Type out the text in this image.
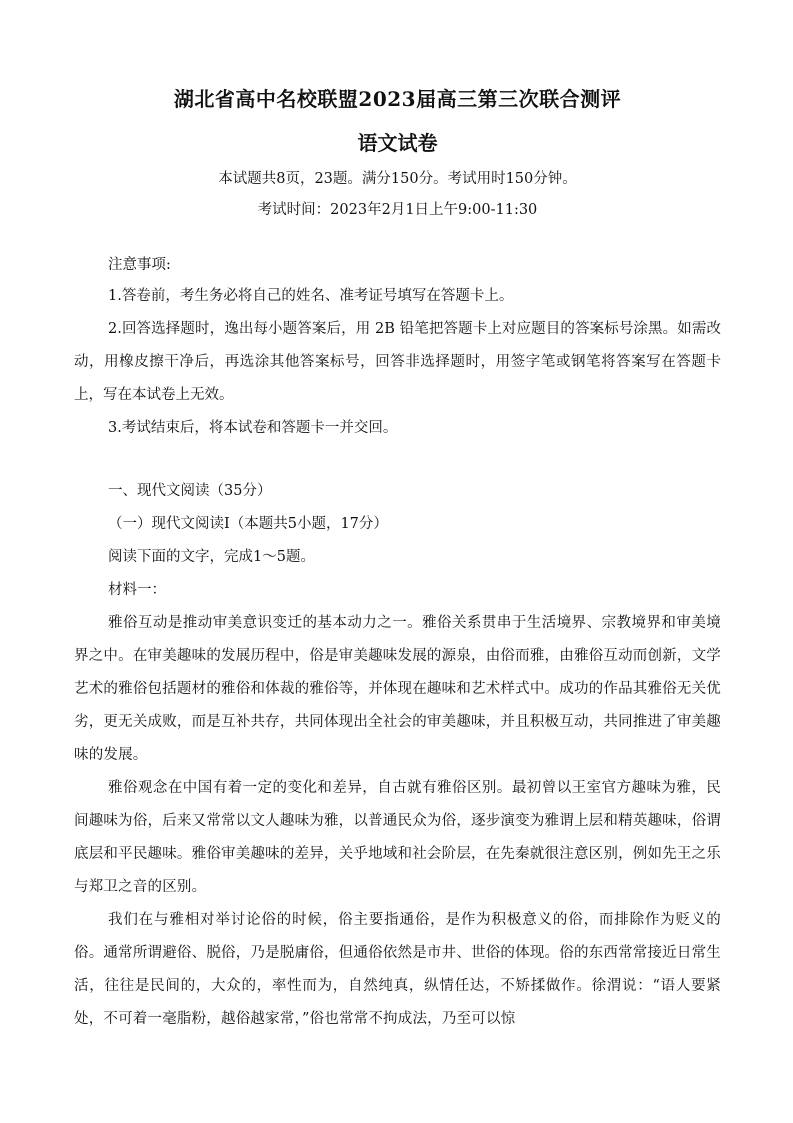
湖北省高中名校联盟2023届高三第三次联合测评
语文试卷
本试题共8页，23题。满分150分。考试用时150分钟。
考试时间：2023年2月1日上午9:00-11:30
注意事项:

1.答卷前，考生务必将自己的姓名、准考证号填写在答题卡上。

2.回答选择题时，逸出每小题答案后，用 2B 铅笔把答题卡上对应题目的答案标号涂黑。如需改动，用橡皮擦干净后，再选涂其他答案标号，回答非选择题时，用签字笔或钢笔将答案写在答题卡上，写在本试卷上无效。

3.考试结束后，将本试卷和答题卡一并交回。

一、现代文阅读（35分）
（一）现代文阅读Ⅰ（本题共5小题，17分）
阅读下面的文字，完成1～5题。
材料一：

雅俗互动是推动审美意识变迁的基本动力之一。雅俗关系贯串于生活境界、宗教境界和审美境界之中。在审美趣味的发展历程中，俗是审美趣味发展的源泉，由俗而雅，由雅俗互动而创新，文学艺术的雅俗包括题材的雅俗和体裁的雅俗等，并体现在趣味和艺术样式中。成功的作品其雅俗无关优劣，更无关成败，而是互补共存，共同体现出全社会的审美趣味，并且积极互动，共同推进了审美趣味的发展。

雅俗观念在中国有着一定的变化和差异，自古就有雅俗区别。最初曾以王室官方趣味为雅，民间趣味为俗，后来又常常以文人趣味为雅，以普通民众为俗，逐步演变为雅谓上层和精英趣味，俗谓底层和平民趣味。雅俗审美趣味的差异，关乎地域和社会阶层，在先秦就很注意区别，例如先王之乐与郑卫之音的区别。

我们在与雅相对举讨论俗的时候，俗主要指通俗，是作为积极意义的俗，而排除作为贬义的俗。通常所谓避俗、脱俗，乃是脱庸俗，但通俗依然是市井、世俗的体现。俗的东西常常接近日常生活，往往是民间的，大众的，率性而为，自然纯真，纵情任达，不矫揉做作。徐渭说：“语人要紧处，不可着一毫脂粉，越俗越家常，”俗也常常不拘成法，乃至可以惊
